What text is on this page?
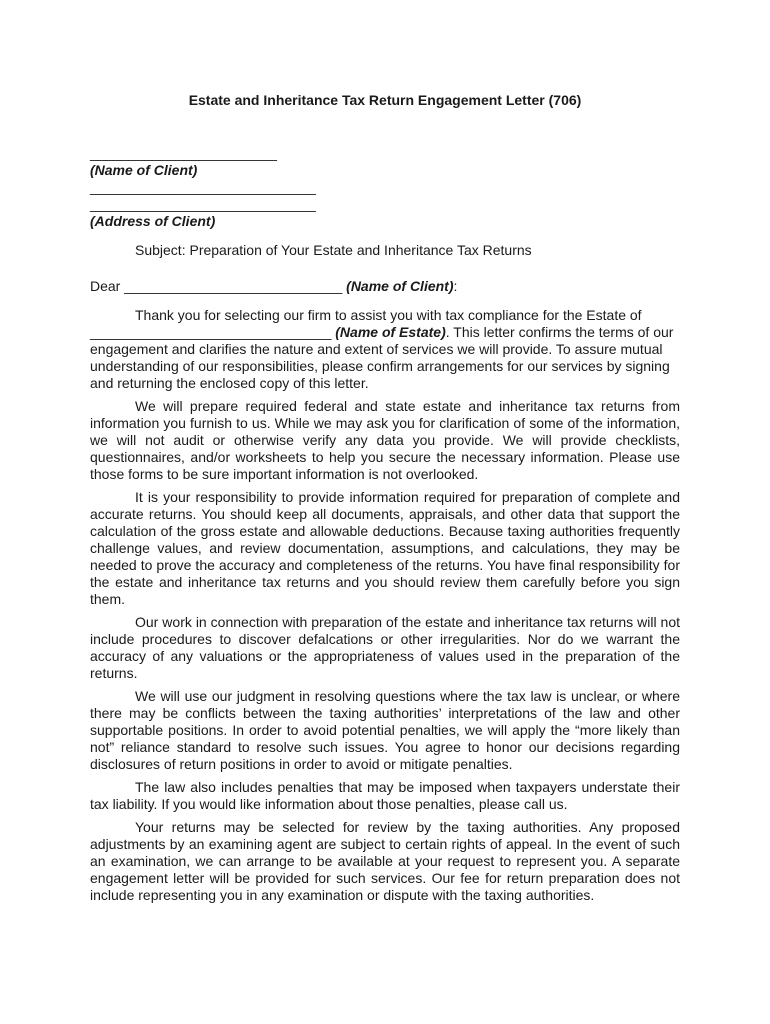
Estate and Inheritance Tax Return Engagement Letter (706)

________________________

(Name of Client)

_____________________________

_____________________________

(Address of Client)

Subject: Preparation of Your Estate and Inheritance Tax Returns

Dear ____________________________ (Name of Client):

Thank you for selecting our firm to assist you with tax compliance for the Estate of _______________________________ (Name of Estate). This letter confirms the terms of our engagement and clarifies the nature and extent of services we will provide. To assure mutual understanding of our responsibilities, please confirm arrangements for our services by signing and returning the enclosed copy of this letter.

We will prepare required federal and state estate and inheritance tax returns from information you furnish to us. While we may ask you for clarification of some of the information, we will not audit or otherwise verify any data you provide. We will provide checklists, questionnaires, and/or worksheets to help you secure the necessary information. Please use those forms to be sure important information is not overlooked.

It is your responsibility to provide information required for preparation of complete and accurate returns. You should keep all documents, appraisals, and other data that support the calculation of the gross estate and allowable deductions. Because taxing authorities frequently challenge values, and review documentation, assumptions, and calculations, they may be needed to prove the accuracy and completeness of the returns. You have final responsibility for the estate and inheritance tax returns and you should review them carefully before you sign them.

Our work in connection with preparation of the estate and inheritance tax returns will not include procedures to discover defalcations or other irregularities. Nor do we warrant the accuracy of any valuations or the appropriateness of values used in the preparation of the returns.

We will use our judgment in resolving questions where the tax law is unclear, or where there may be conflicts between the taxing authorities’ interpretations of the law and other supportable positions. In order to avoid potential penalties, we will apply the “more likely than not” reliance standard to resolve such issues. You agree to honor our decisions regarding disclosures of return positions in order to avoid or mitigate penalties.

The law also includes penalties that may be imposed when taxpayers understate their tax liability. If you would like information about those penalties, please call us.

Your returns may be selected for review by the taxing authorities. Any proposed adjustments by an examining agent are subject to certain rights of appeal. In the event of such an examination, we can arrange to be available at your request to represent you. A separate engagement letter will be provided for such services. Our fee for return preparation does not include representing you in any examination or dispute with the taxing authorities.
